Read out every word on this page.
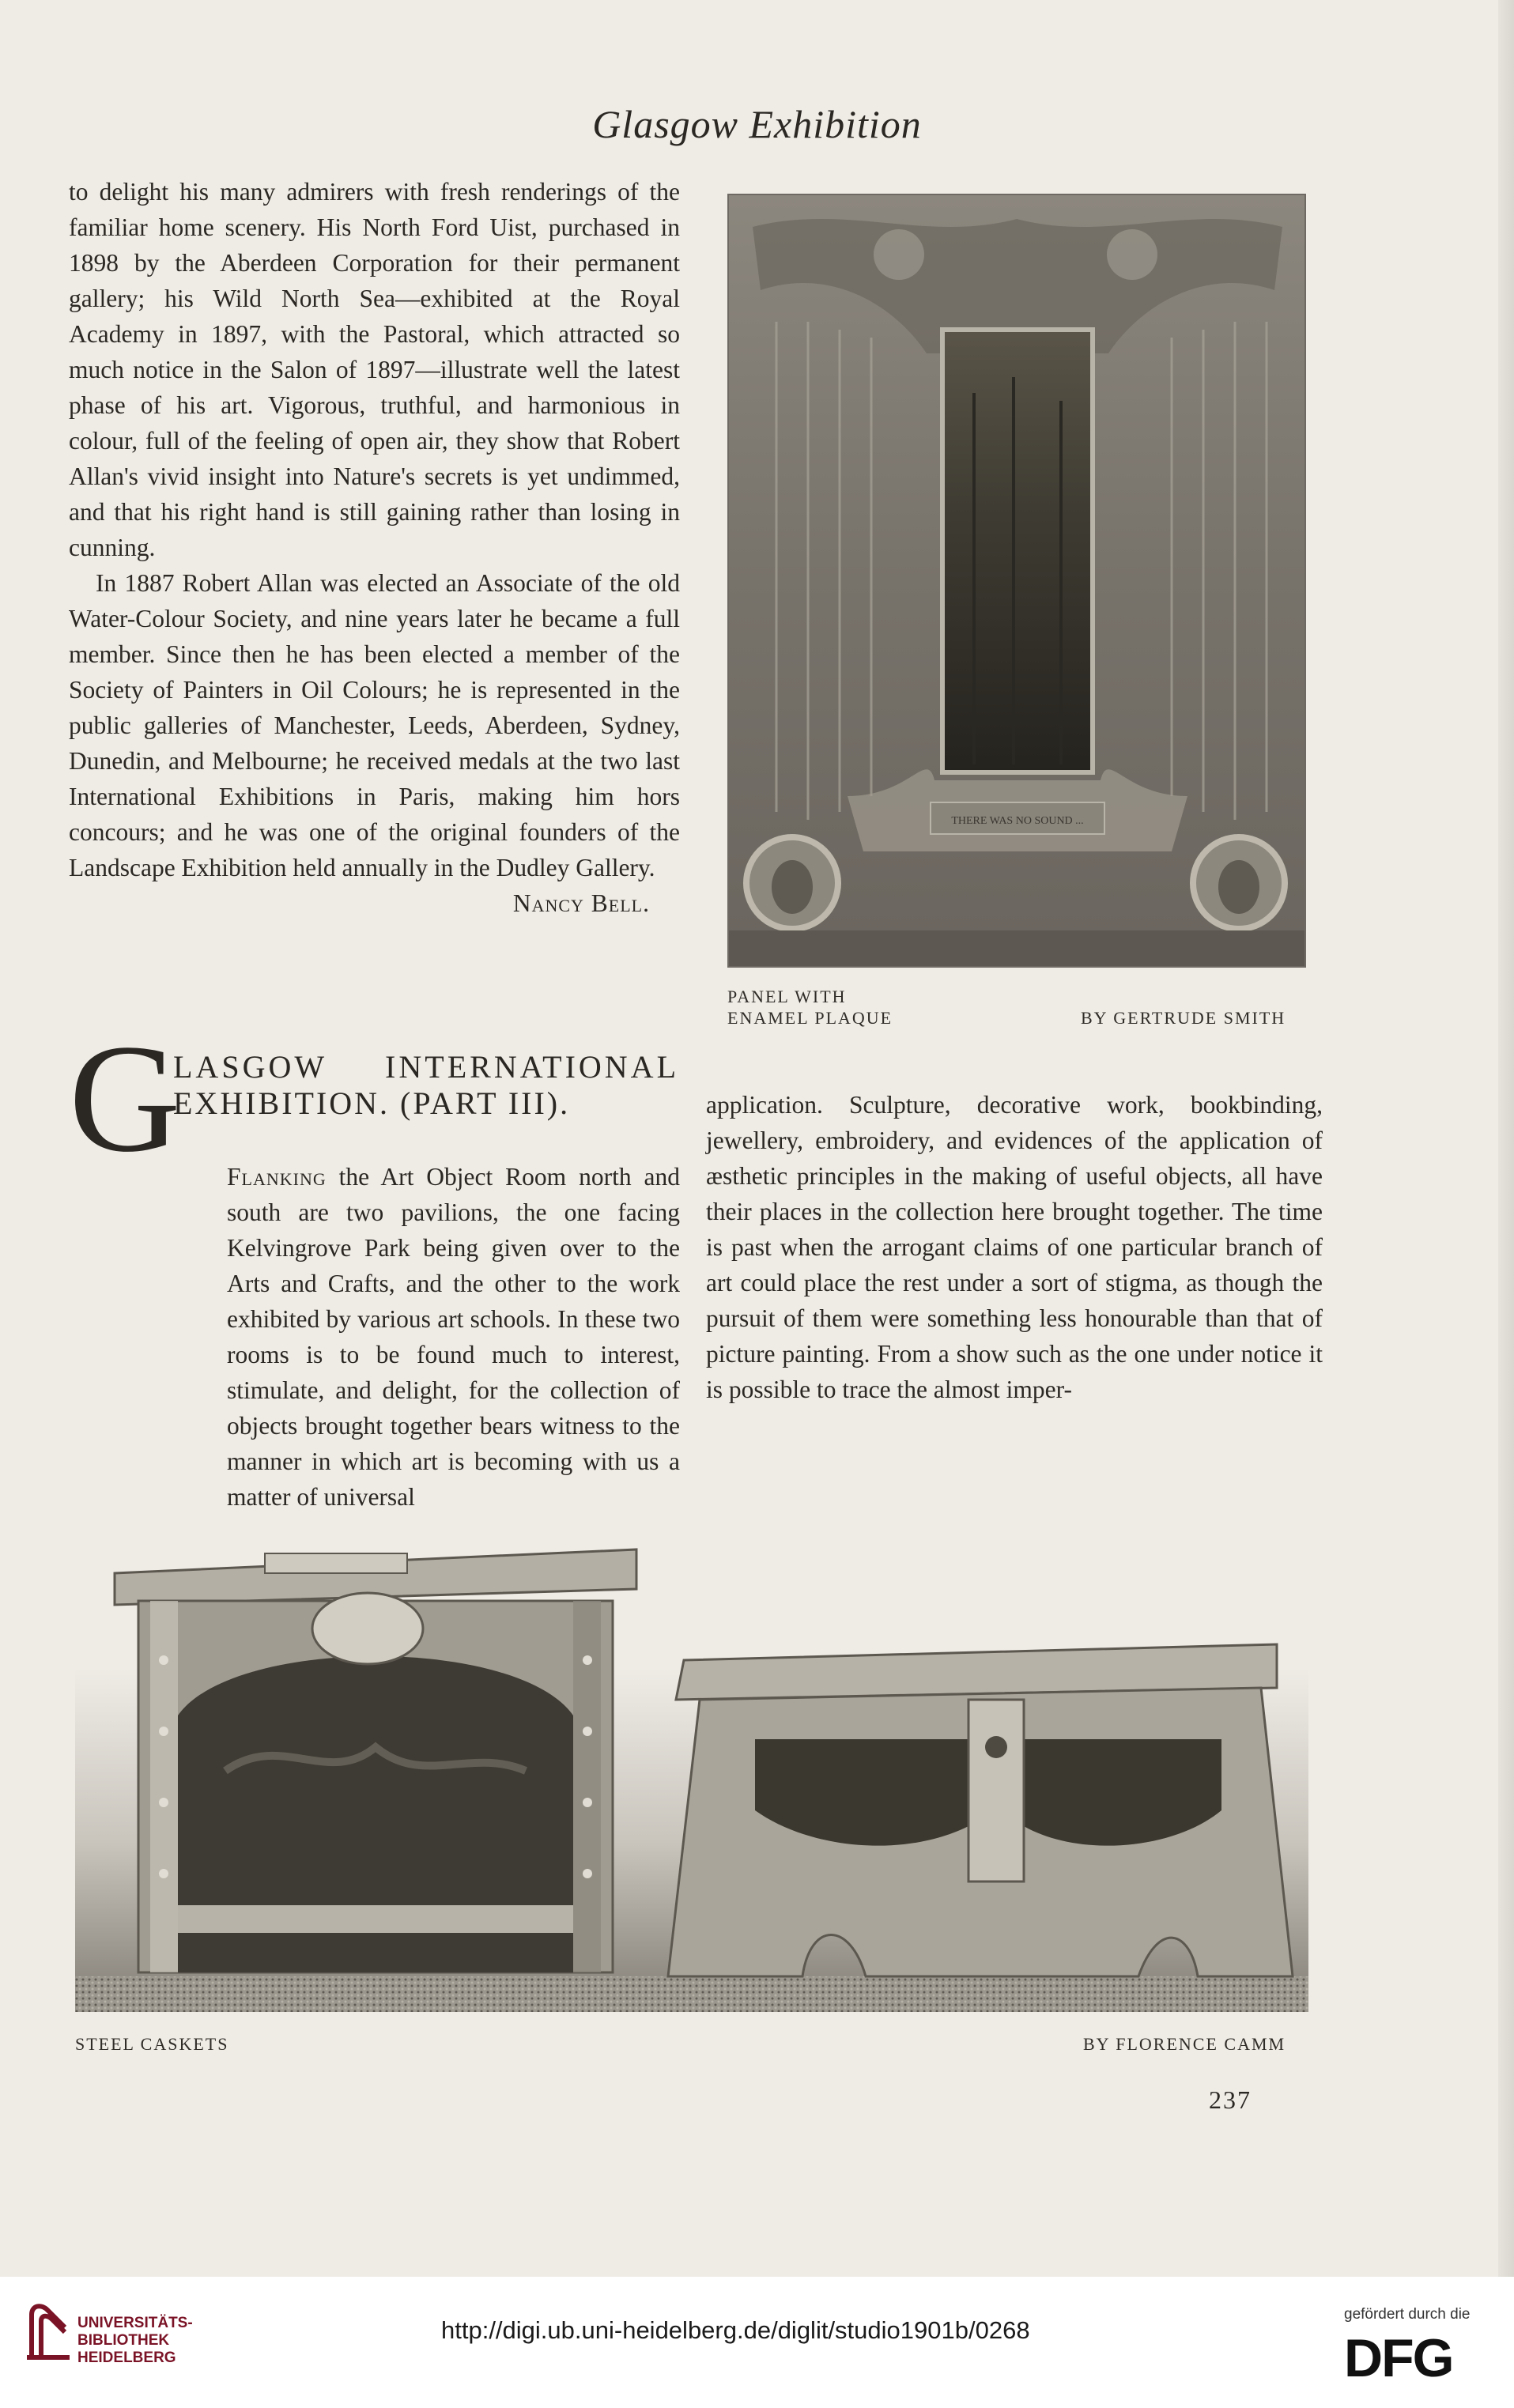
Glasgow Exhibition

to delight his many admirers with fresh renderings of the familiar home scenery. His North Ford Uist, purchased in 1898 by the Aberdeen Corporation for their permanent gallery; his Wild North Sea—exhibited at the Royal Academy in 1897, with the Pastoral, which attracted so much notice in the Salon of 1897—illustrate well the latest phase of his art. Vigorous, truthful, and harmonious in colour, full of the feeling of open air, they show that Robert Allan's vivid insight into Nature's secrets is yet undimmed, and that his right hand is still gaining rather than losing in cunning.

In 1887 Robert Allan was elected an Associate of the old Water-Colour Society, and nine years later he became a full member. Since then he has been elected a member of the Society of Painters in Oil Colours; he is represented in the public galleries of Manchester, Leeds, Aberdeen, Sydney, Dunedin, and Melbourne; he received medals at the two last International Exhibitions in Paris, making him hors concours; and he was one of the original founders of the Landscape Exhibition held annually in the Dudley Gallery.

Nancy Bell.

THERE WAS NO SOUND ...
PANEL WITH
ENAMEL PLAQUE	BY GERTRUDE SMITH
G
LASGOW INTERNATIONAL
EXHIBITION. (PART III).

Flanking the Art Object Room north and south are two pavilions, the one facing Kelvingrove Park being given over to the Arts and Crafts, and the other to the work exhibited by various art schools. In these two rooms is to be found much to interest, stimulate, and delight, for the collection of objects brought together bears witness to the manner in which art is becoming with us a matter of universal

application. Sculpture, decorative work, bookbinding, jewellery, embroidery, and evidences of the application of æsthetic principles in the making of useful objects, all have their places in the collection here brought together. The time is past when the arrogant claims of one particular branch of art could place the rest under a sort of stigma, as though the pursuit of them were something less honourable than that of picture painting. From a show such as the one under notice it is possible to trace the almost imper-

STEEL CASKETS	BY FLORENCE CAMM
237
UNIVERSITÄTS-
BIBLIOTHEK
HEIDELBERG
http://digi.ub.uni-heidelberg.de/diglit/studio1901b/0268
gefördert durch die
DFG
